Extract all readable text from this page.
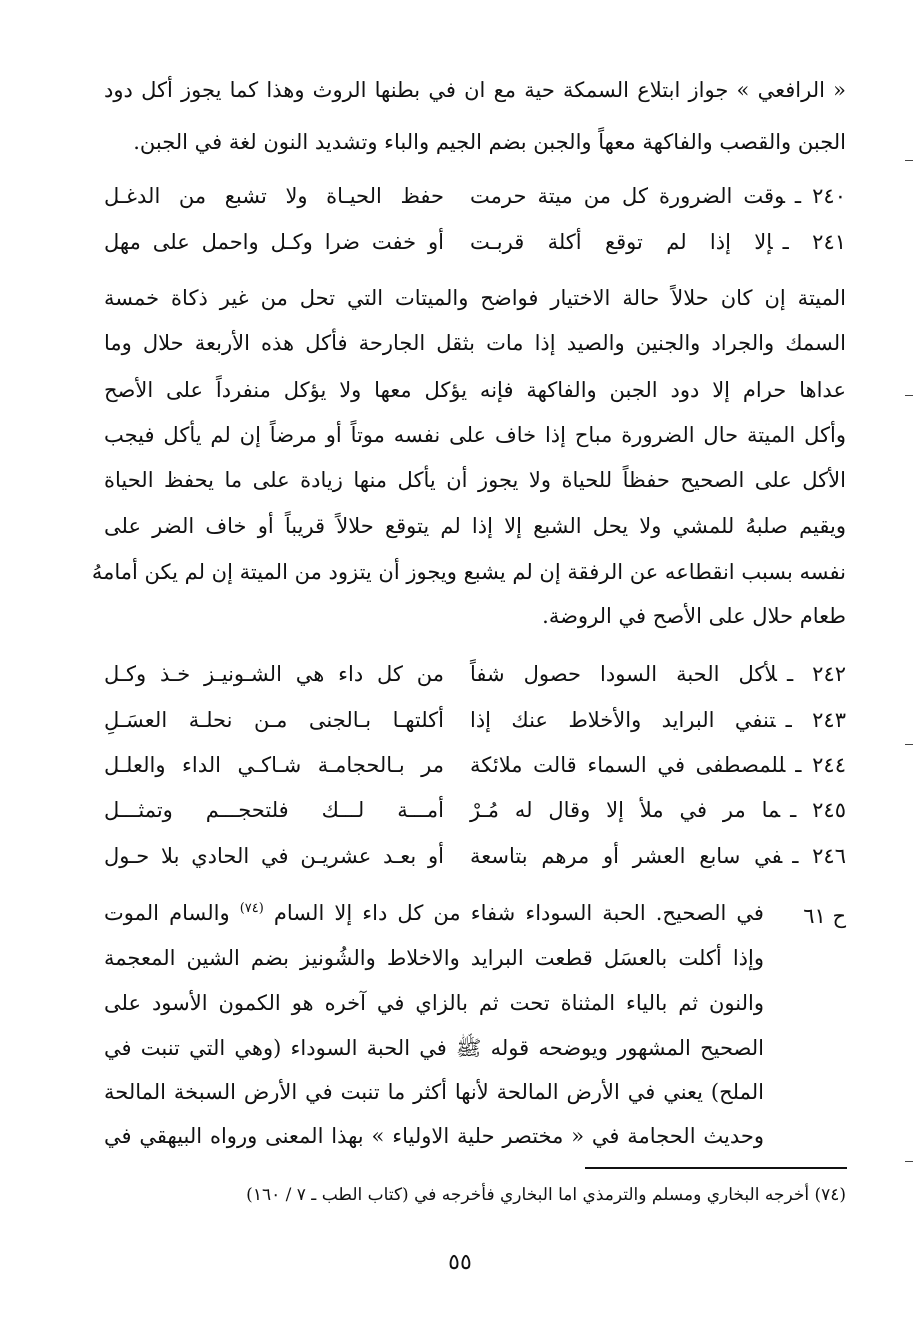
« الرافعي » جواز ابتلاع السمكة حية مع ان في بطنها الروث وهذا كما يجوز أكل دود
الجبن والقصب والفاكهة معهاً والجبن بضم الجيم والباء وتشديد النون لغة في الجبن.
٢٤٠ ـوقت الضرورة كل من ميتة حرمت
حفظ الحيـاة ولا تشبع من الدغـل
٢٤١ ـإلا إذا لم توقع أكلة قربـت
أو خفت ضرا وكـل واحمل على مهل
الميتة إن كان حلالاً حالة الاختيار فواضح والميتات التي تحل من غير ذكاة خمسة
السمك والجراد والجنين والصيد إذا مات بثقل الجارحة فأكل هذه الأربعة حلال وما
عداها حرام إلا دود الجبن والفاكهة فإنه يؤكل معها ولا يؤكل منفرداً على الأصح
وأكل الميتة حال الضرورة مباح إذا خاف على نفسه موتاً أو مرضاً إن لم يأكل فيجب
الأكل على الصحيح حفظاً للحياة ولا يجوز أن يأكل منها زيادة على ما يحفظ الحياة
ويقيم صلبهُ للمشي ولا يحل الشبع إلا إذا لم يتوقع حلالاً قريباً أو خاف الضر على
نفسه بسبب انقطاعه عن الرفقة إن لم يشبع ويجوز أن يتزود من الميتة إن لم يكن أمامهُ
طعام حلال على الأصح في الروضة.
٢٤٢ ـلأكل الحبة السودا حصول شفاً
من كل داء هي الشـونيـز خـذ وكـل
٢٤٣ ـتنفي البرايد والأخلاط عنك إذا
أكلتهـا بـالجنى مـن نحلـة العسَـلِ
٢٤٤ ـللمصطفى في السماء قالت ملائكة
مر بـالحجامـة شـاكـي الداء والعلـل
٢٤٥ ـما مر في ملأ إلا وقال له مُـرْ
أمـــة لـــك فلتحجـــم وتمثـــل
٢٤٦ ـفي سابع العشر أو مرهم بتاسعة
أو بعـد عشريـن في الحادي بلا حـول
ح ٦١
في الصحيح. الحبة السوداء شفاء من كل داء إلا السام $^{(٧٤)}$ والسام الموت
وإذا أكلت بالعسَل قطعت البرايد والاخلاط والشُونيز بضم الشين المعجمة
والنون ثم بالياء المثناة تحت ثم بالزاي في آخره هو الكمون الأسود على
الصحيح المشهور ويوضحه قوله ﷺ في الحبة السوداء (وهي التي تنبت في
الملح) يعني في الأرض المالحة لأنها أكثر ما تنبت في الأرض السبخة المالحة
وحديث الحجامة في « مختصر حلية الاولياء » بهذا المعنى ورواه البيهقي في
(٧٤) أخرجه البخاري ومسلم والترمذي اما البخاري فأخرجه في (كتاب الطب ـ ٧ / ١٦٠)
٥٥
